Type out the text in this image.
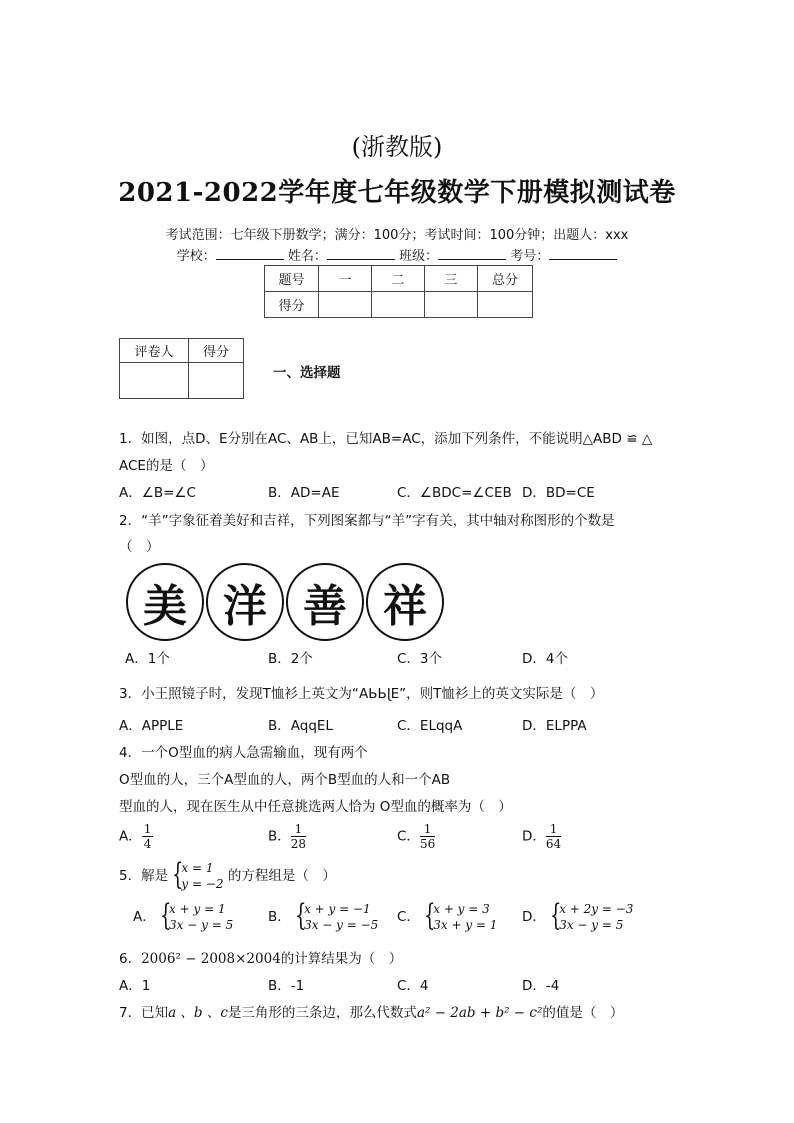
(浙教版)
2021-2022学年度七年级数学下册模拟测试卷
考试范围：七年级下册数学；满分：100分；考试时间：100分钟；出题人：xxx
学校：	姓名：	班级：	考号：
题号	一	二	三	总分
得分				
评卷人	得分

一、选择题
1．如图，点D、E分别在AC、AB上，已知AB=AC，添加下列条件，不能说明△ABD ≌ △
ACE的是（　）
A．∠B=∠C	B．AD=AE	C．∠BDC=∠CEB D．BD=CE
2．“羊”字象征着美好和吉祥，下列图案都与“羊”字有关，其中轴对称图形的个数是
（　）
美 洋 善 祥
A．1个	B．2个	C．3个	D．4个
3．小王照镜子时，发现T恤衫上英文为“ƎJԀԀA”，则T恤衫上的英文实际是（　）
A．APPLE	B．AqqEL	C．ELqqA	D．ELPPA
4．一个O型血的病人急需输血，现有两个
O型血的人，三个A型血的人，两个B型血的人和一个AB
型血的人，现在医生从中任意挑选两人恰为 O型血的概率为（　）
A． $\frac{1}{4}$	B． $\frac{1}{28}$	C． $\frac{1}{56}$	D． $\frac{1}{64}$
5．解是 {
x = 1
y = −2 的方程组是（　）
A． {
x + y = 1
3x − y = 5	B． {
x + y = −1
3x − y = −5 C． {
x + y = 3
3x + y = 1 D． {
x + 2y = −3
3x − y = 5
6．2006² − 2008×2004的计算结果为（　）
A．1	B．-1	C．4	D．-4
7．已知a 、b 、c是三角形的三条边，那么代数式a² − 2ab + b² − c²的值是（　）
